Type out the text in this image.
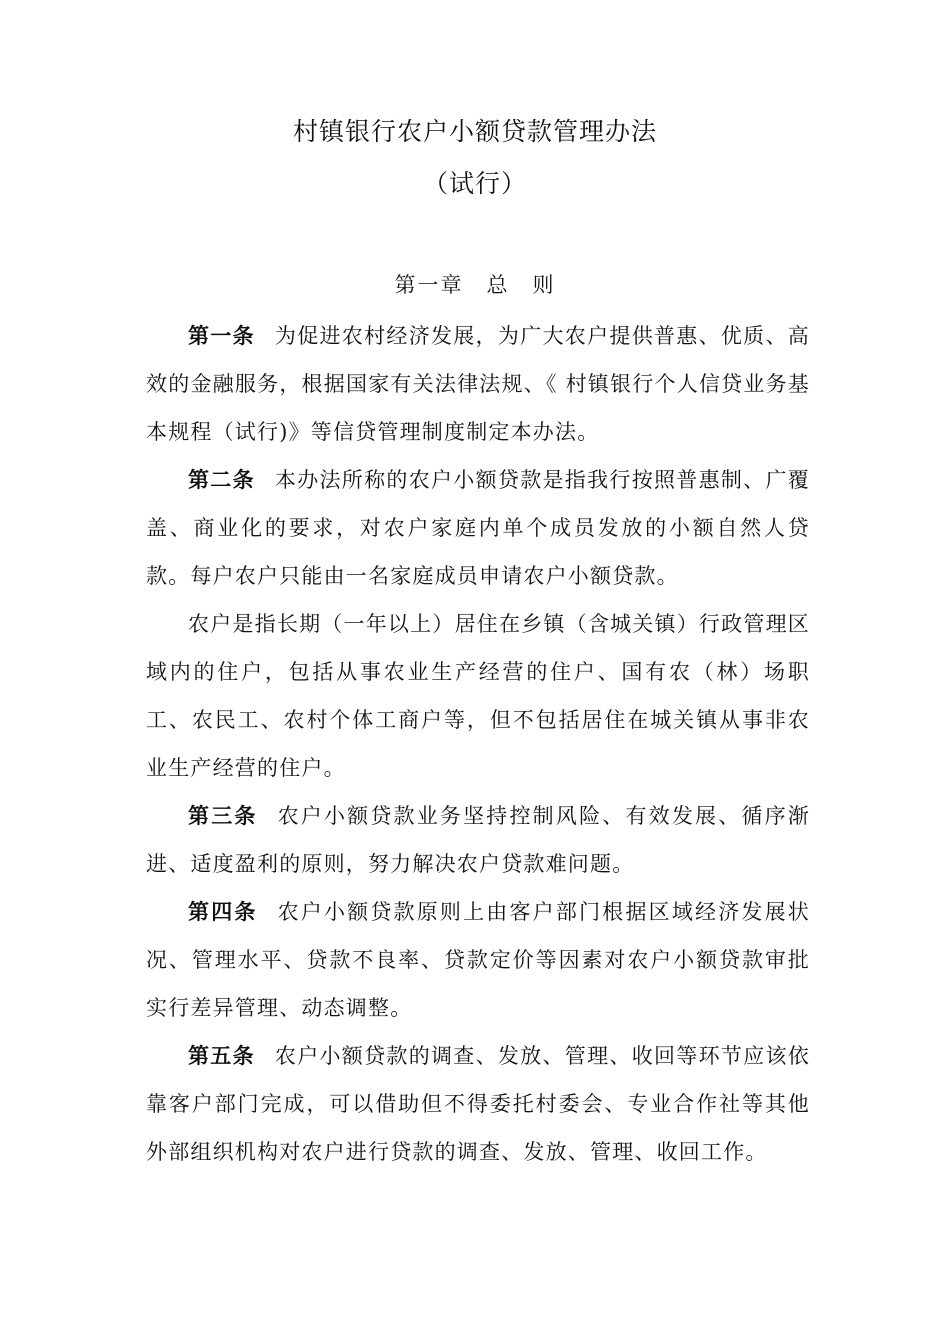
村镇银行农户小额贷款管理办法
（试行）
第一章　总　则

第一条 为促进农村经济发展，为广大农户提供普惠、优质、高效的金融服务，根据国家有关法律法规、《 村镇银行个人信贷业务基本规程（试行)》等信贷管理制度制定本办法。

第二条 本办法所称的农户小额贷款是指我行按照普惠制、广覆盖、商业化的要求，对农户家庭内单个成员发放的小额自然人贷款。每户农户只能由一名家庭成员申请农户小额贷款。

农户是指长期（一年以上）居住在乡镇（含城关镇）行政管理区域内的住户，包括从事农业生产经营的住户、国有农（林）场职工、农民工、农村个体工商户等，但不包括居住在城关镇从事非农业生产经营的住户。

第三条 农户小额贷款业务坚持控制风险、有效发展、循序渐进、适度盈利的原则，努力解决农户贷款难问题。

第四条 农户小额贷款原则上由客户部门根据区域经济发展状况、管理水平、贷款不良率、贷款定价等因素对农户小额贷款审批实行差异管理、动态调整。

第五条 农户小额贷款的调查、发放、管理、收回等环节应该依靠客户部门完成，可以借助但不得委托村委会、专业合作社等其他外部组织机构对农户进行贷款的调查、发放、管理、收回工作。
